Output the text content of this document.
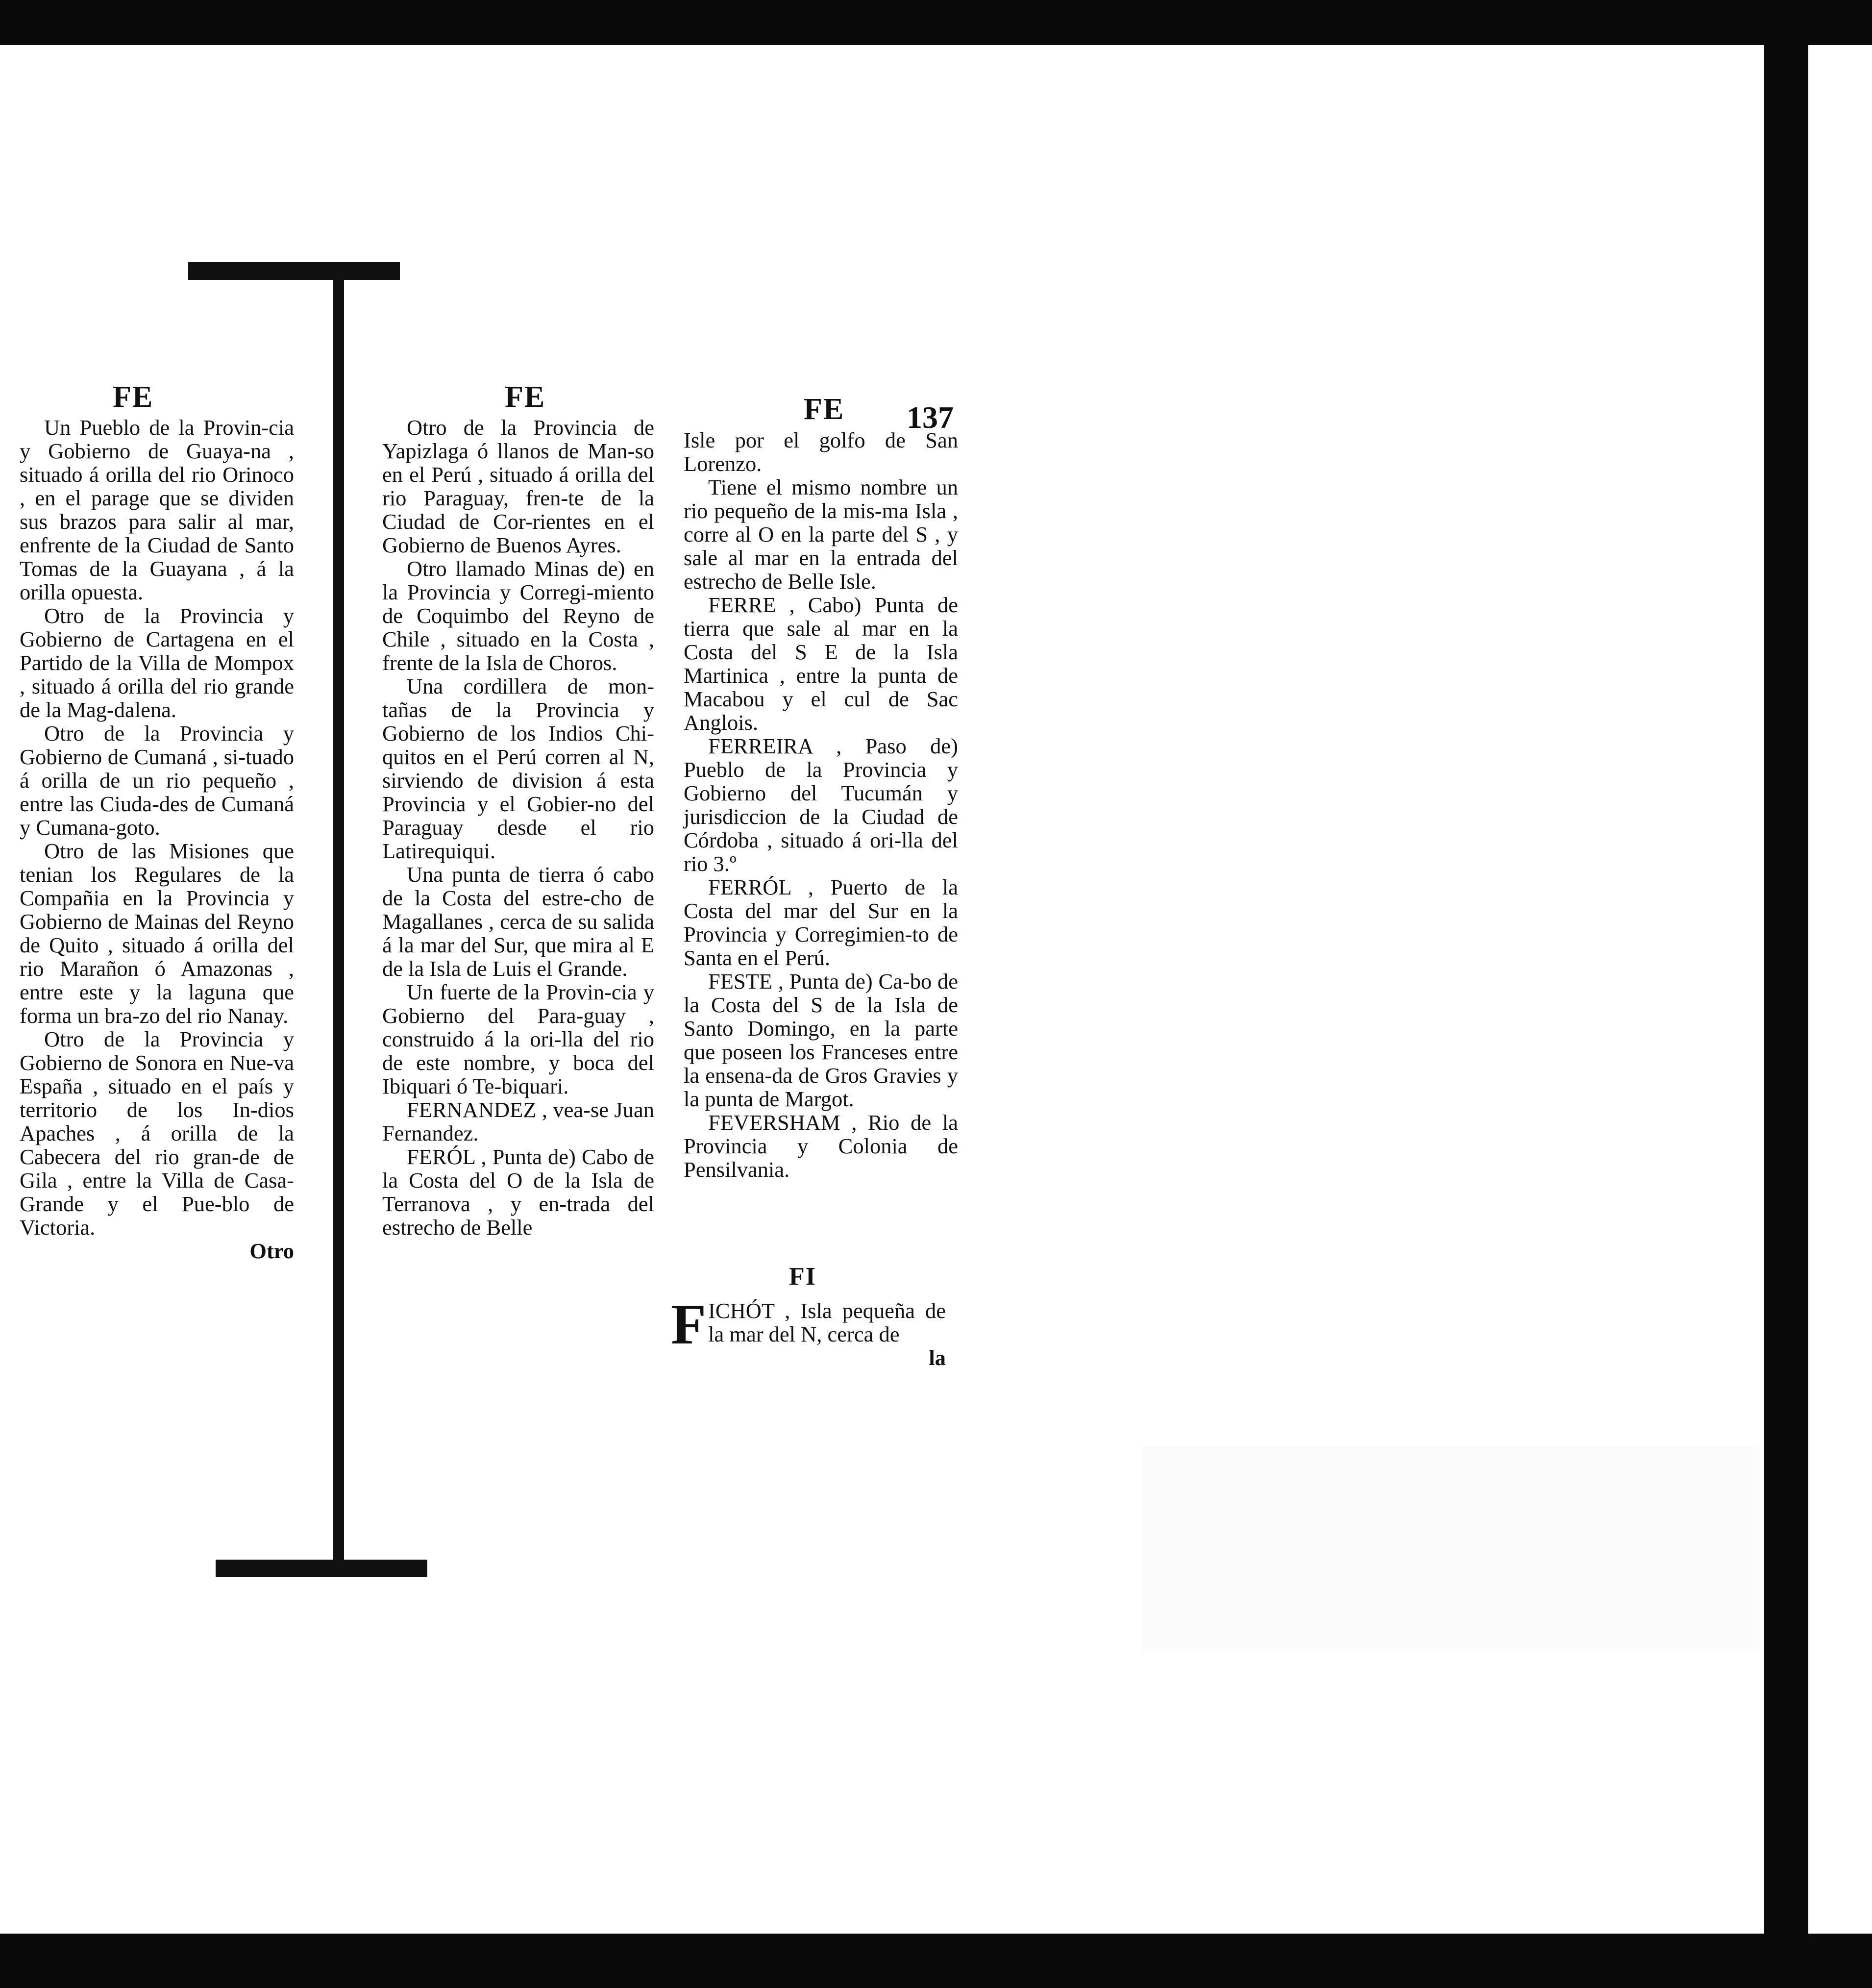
FE	FE	FE 137

Un Pueblo de la Provin-cia y Gobierno de Guaya-na , situado á orilla del rio Orinoco , en el parage que se dividen sus brazos para salir al mar, enfrente de la Ciudad de Santo Tomas de la Guayana , á la orilla opuesta.

Otro de la Provincia y Gobierno de Cartagena en el Partido de la Villa de Mompox , situado á orilla del rio grande de la Mag-dalena.

Otro de la Provincia y Gobierno de Cumaná , si-tuado á orilla de un rio pequeño , entre las Ciuda-des de Cumaná y Cumana-goto.

Otro de las Misiones que tenian los Regulares de la Compañia en la Provincia y Gobierno de Mainas del Reyno de Quito , situado á orilla del rio Marañon ó Amazonas , entre este y la laguna que forma un bra-zo del rio Nanay.

Otro de la Provincia y Gobierno de Sonora en Nue-va España , situado en el país y territorio de los In-dios Apaches , á orilla de la Cabecera del rio gran-de de Gila , entre la Villa de Casa-Grande y el Pue-blo de Victoria.

Otro

Otro de la Provincia de Yapizlaga ó llanos de Man-so en el Perú , situado á orilla del rio Paraguay, fren-te de la Ciudad de Cor-rientes en el Gobierno de Buenos Ayres.

Otro llamado Minas de) en la Provincia y Corregi-miento de Coquimbo del Reyno de Chile , situado en la Costa , frente de la Isla de Choros.

Una cordillera de mon-tañas de la Provincia y Gobierno de los Indios Chi-quitos en el Perú corren al N, sirviendo de division á esta Provincia y el Gobier-no del Paraguay desde el rio Latirequiqui.

Una punta de tierra ó cabo de la Costa del estre-cho de Magallanes , cerca de su salida á la mar del Sur, que mira al E de la Isla de Luis el Grande.

Un fuerte de la Provin-cia y Gobierno del Para-guay , construido á la ori-lla del rio de este nombre, y boca del Ibiquari ó Te-biquari.

FERNANDEZ , vea-se Juan Fernandez.

FERÓL , Punta de) Cabo de la Costa del O de la Isla de Terranova , y en-trada del estrecho de Belle

Isle por el golfo de San Lorenzo.

Tiene el mismo nombre un rio pequeño de la mis-ma Isla , corre al O en la parte del S , y sale al mar en la entrada del estrecho de Belle Isle.

FERRE , Cabo) Punta de tierra que sale al mar en la Costa del S E de la Isla Martinica , entre la punta de Macabou y el cul de Sac Anglois.

FERREIRA , Paso de) Pueblo de la Provincia y Gobierno del Tucumán y jurisdiccion de la Ciudad de Córdoba , situado á ori-lla del rio 3.º

FERRÓL , Puerto de la Costa del mar del Sur en la Provincia y Corregimien-to de Santa en el Perú.

FESTE , Punta de) Ca-bo de la Costa del S de la Isla de Santo Domingo, en la parte que poseen los Franceses entre la ensena-da de Gros Gravies y la punta de Margot.

FEVERSHAM , Rio de la Provincia y Colonia de Pensilvania.

FI

FICHÓT , Isla pequeña de la mar del N, cerca de

la
